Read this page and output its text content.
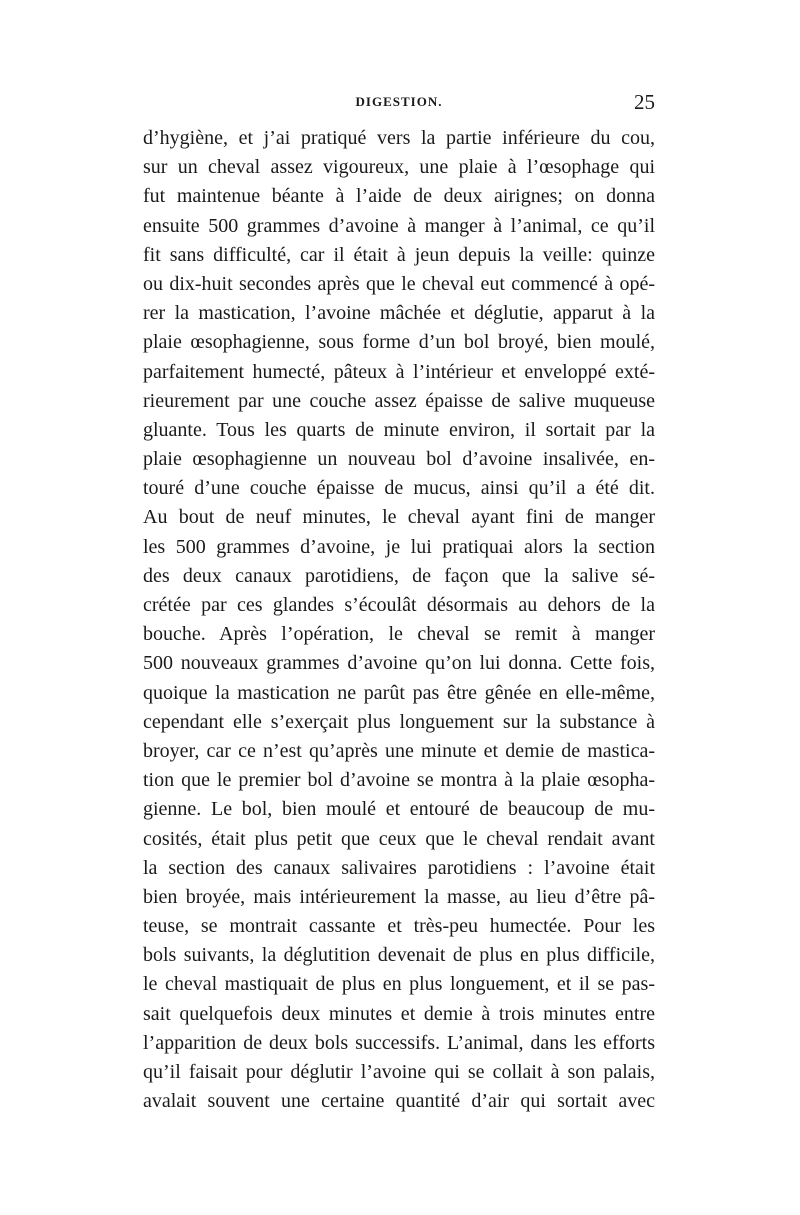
DIGESTION.	25
d’hygiène, et j’ai pratiqué vers la partie inférieure du cou,
sur un cheval assez vigoureux, une plaie à l’œsophage qui
fut maintenue béante à l’aide de deux airignes; on donna
ensuite 500 grammes d’avoine à manger à l’animal, ce qu’il
fit sans difficulté, car il était à jeun depuis la veille: quinze
ou dix-huit secondes après que le cheval eut commencé à opé-
rer la mastication, l’avoine mâchée et déglutie, apparut à la
plaie œsophagienne, sous forme d’un bol broyé, bien moulé,
parfaitement humecté, pâteux à l’intérieur et enveloppé exté-
rieurement par une couche assez épaisse de salive muqueuse
gluante. Tous les quarts de minute environ, il sortait par la
plaie œsophagienne un nouveau bol d’avoine insalivée, en-
touré d’une couche épaisse de mucus, ainsi qu’il a été dit.
Au bout de neuf minutes, le cheval ayant fini de manger
les 500 grammes d’avoine, je lui pratiquai alors la section
des deux canaux parotidiens, de façon que la salive sé-
crétée par ces glandes s’écoulât désormais au dehors de la
bouche. Après l’opération, le cheval se remit à manger
500 nouveaux grammes d’avoine qu’on lui donna. Cette fois,
quoique la mastication ne parût pas être gênée en elle-même,
cependant elle s’exerçait plus longuement sur la substance à
broyer, car ce n’est qu’après une minute et demie de mastica-
tion que le premier bol d’avoine se montra à la plaie œsopha-
gienne. Le bol, bien moulé et entouré de beaucoup de mu-
cosités, était plus petit que ceux que le cheval rendait avant
la section des canaux salivaires parotidiens : l’avoine était
bien broyée, mais intérieurement la masse, au lieu d’être pâ-
teuse, se montrait cassante et très-peu humectée. Pour les
bols suivants, la déglutition devenait de plus en plus difficile,
le cheval mastiquait de plus en plus longuement, et il se pas-
sait quelquefois deux minutes et demie à trois minutes entre
l’apparition de deux bols successifs. L’animal, dans les efforts
qu’il faisait pour déglutir l’avoine qui se collait à son palais,
avalait souvent une certaine quantité d’air qui sortait avec
